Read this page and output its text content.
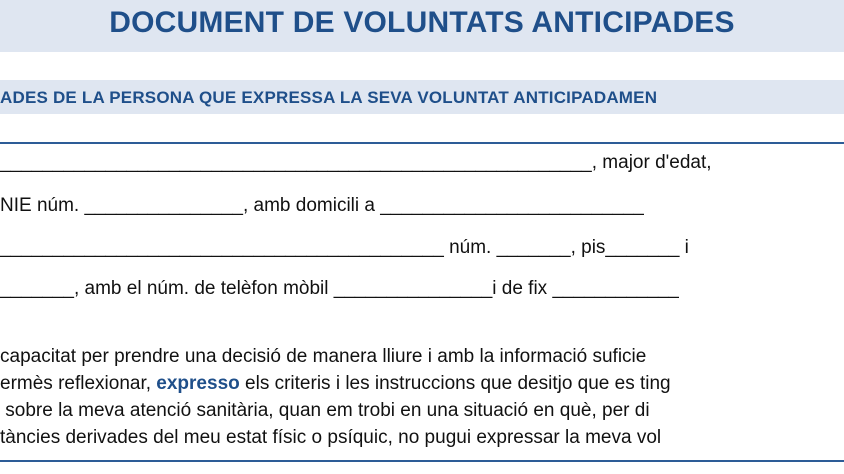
DOCUMENT DE VOLUNTATS ANTICIPADES
ADES DE LA PERSONA QUE EXPRESSA LA SEVA VOLUNTAT ANTICIPADAMEN
________________________________________________________, major d'edat,
NIE núm. _______________, amb domicili a _________________________
__________________________________________ núm. _______, pis_______ i
_______, amb el núm. de telèfon mòbil _______________i de fix ____________
capacitat per prendre una decisió de manera lliure i amb la informació suficie
ermès reflexionar, expresso els criteris i les instruccions que desitjo que es ting
sobre la meva atenció sanitària, quan em trobi en una situació en què, per di
tàncies derivades del meu estat físic o psíquic, no pugui expressar la meva vol
